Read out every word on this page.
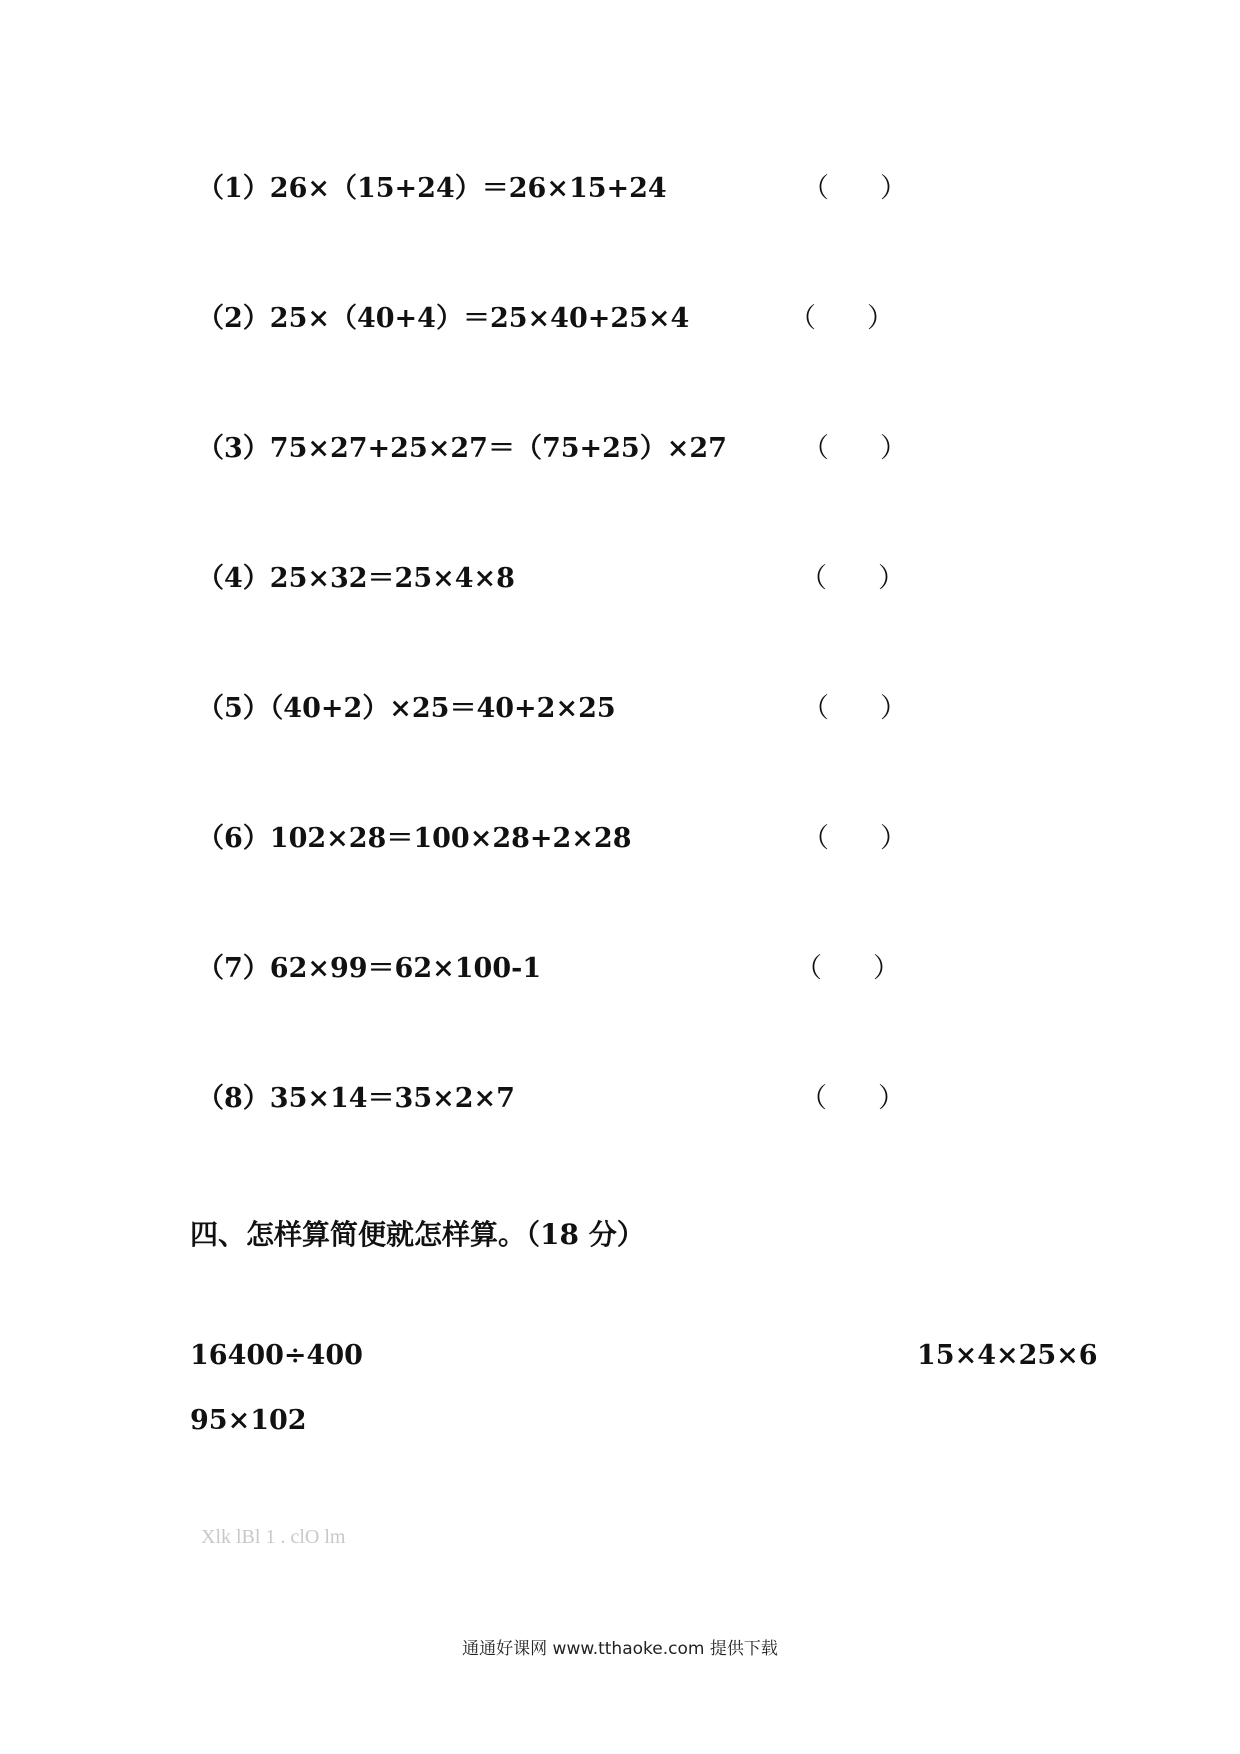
（1）26×（15+24）＝26×15+24	（ ）
（2）25×（40+4）＝25×40+25×4	（ ）
（3）75×27+25×27＝（75+25）×27	（ ）
（4）25×32＝25×4×8	（ ）
（5）（40+2）×25＝40+2×25	（ ）
（6）102×28＝100×28+2×28	（ ）
（7）62×99＝62×100-1	（ ）
（8）35×14＝35×2×7	（ ）
四、怎样算简便就怎样算。（18 分）
16400÷400	15×4×25×6
95×102
Xlk lBl 1 . clO lm
通通好课网 www.tthaoke.com 提供下载
